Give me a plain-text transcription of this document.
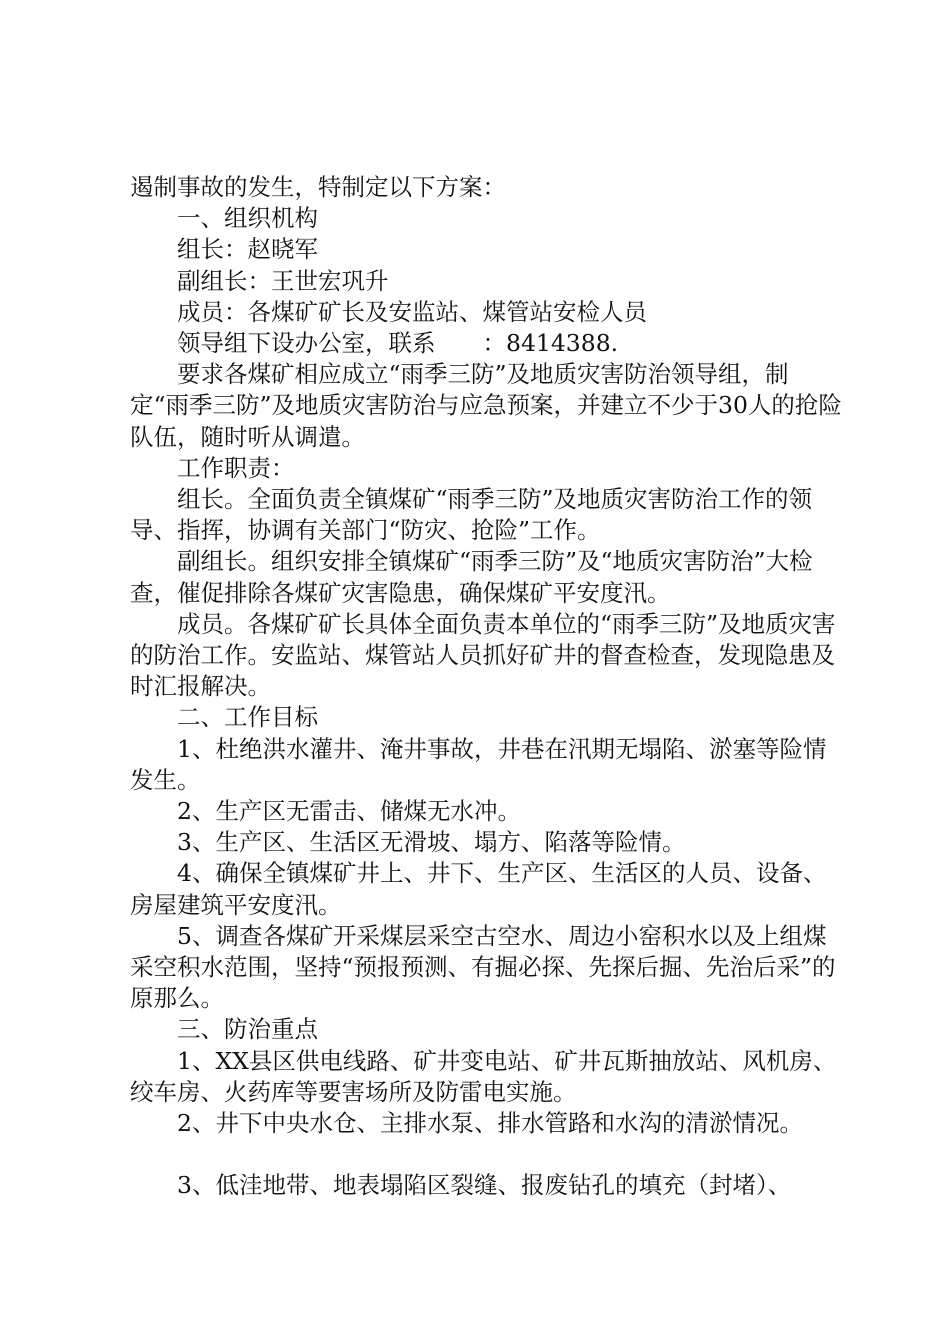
遏制事故的发生，特制定以下方案：

一、组织机构

组长：赵晓军

副组长：王世宏巩升

成员：各煤矿矿长及安监站、煤管站安检人员

领导组下设办公室，联系　　：8414388.

要求各煤矿相应成立“雨季三防”及地质灾害防治领导组，制定“雨季三防”及地质灾害防治与应急预案，并建立不少于30人的抢险队伍，随时听从调遣。

工作职责：

组长。全面负责全镇煤矿“雨季三防”及地质灾害防治工作的领导、指挥，协调有关部门“防灾、抢险”工作。

副组长。组织安排全镇煤矿“雨季三防”及“地质灾害防治”大检查，催促排除各煤矿灾害隐患，确保煤矿平安度汛。

成员。各煤矿矿长具体全面负责本单位的“雨季三防”及地质灾害的防治工作。安监站、煤管站人员抓好矿井的督查检查，发现隐患及时汇报解决。

二、工作目标

1、杜绝洪水灌井、淹井事故，井巷在汛期无塌陷、淤塞等险情发生。

2、生产区无雷击、储煤无水冲。

3、生产区、生活区无滑坡、塌方、陷落等险情。

4、确保全镇煤矿井上、井下、生产区、生活区的人员、设备、房屋建筑平安度汛。

5、调查各煤矿开采煤层采空古空水、周边小窑积水以及上组煤采空积水范围，坚持“预报预测、有掘必探、先探后掘、先治后采”的原那么。

三、防治重点

1、XX县区供电线路、矿井变电站、矿井瓦斯抽放站、风机房、绞车房、火药库等要害场所及防雷电实施。

2、井下中央水仓、主排水泵、排水管路和水沟的清淤情况。

3、低洼地带、地表塌陷区裂缝、报废钻孔的填充（封堵）、
